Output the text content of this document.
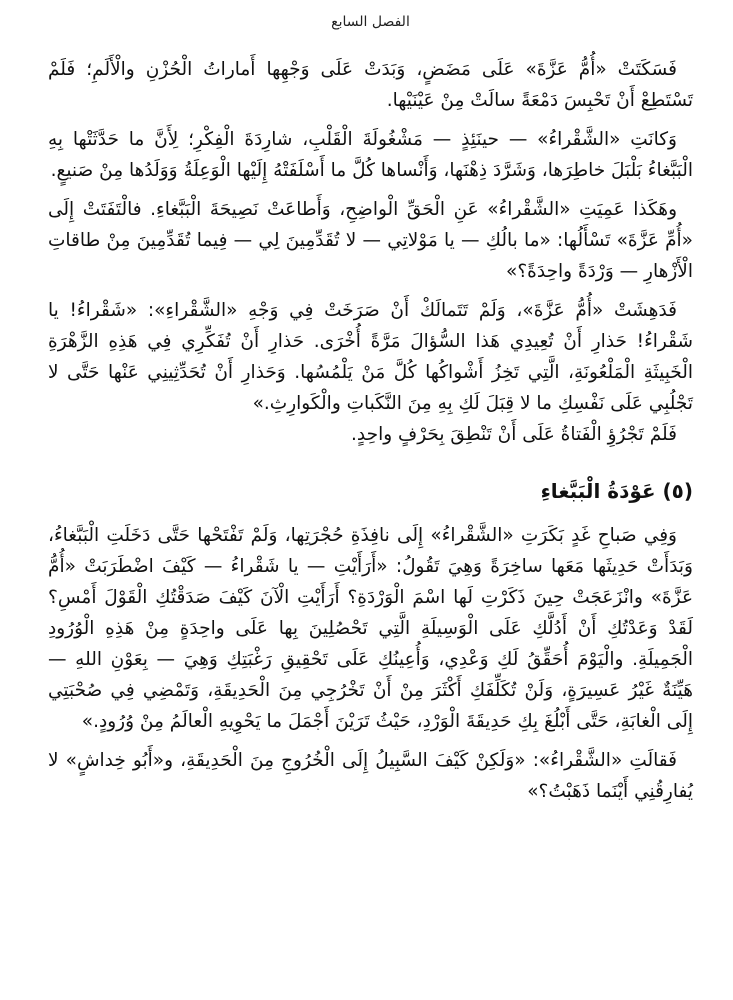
الفصل السابع

فَسَكَتَتْ «أُمُّ عَزَّةَ» عَلَى مَضَضٍ، وَبَدَتْ عَلَى وَجْهِها أَماراتُ الْحُزْنِ والْأَلَمِ؛ فَلَمْ تَسْتَطِعْ أَنْ تَحْبِسَ دَمْعَةً سالَتْ مِنْ عَيْنَيْها.

وَكانَتِ «الشَّقْراءُ» — حينَئِذٍ — مَشْغُولَةَ الْقَلْبِ، شارِدَةَ الْفِكْرِ؛ لِأَنَّ ما حَدَّثَتْها بِهِ الْبَبَّغاءُ بَلْبَلَ خاطِرَها، وَشَرَّدَ ذِهْنَها، وَأَنْساها كُلَّ ما أَسْلَفَتْهُ إِلَيْها الْوَعِلَةُ وَوَلَدُها مِنْ صَنيعٍ.

وهَكَذا عَمِيَتِ «الشَّقْراءُ» عَنِ الْحَقِّ الْواضِحِ، وَأَطاعَتْ نَصِيحَةَ الْبَبَّغاءِ. فالْتَفَتَتْ إِلَى «أُمِّ عَزَّةَ» تَسْأَلُها: «ما بالُكِ — يا مَوْلاتِي — لا تُقَدِّمِينَ لِي — فِيما تُقَدِّمِينَ مِنْ طاقاتِ الْأَزْهارِ — وَرْدَةً واحِدَةً؟»

فَدَهِشَتْ «أُمُّ عَزَّةَ»، وَلَمْ تَتَمالَكْ أَنْ صَرَخَتْ فِي وَجْهِ «الشَّقْراءِ»: «شَقْراءُ! يا شَقْراءُ! حَذارِ أَنْ تُعِيدِي هَذا السُّؤالَ مَرَّةً أُخْرَى. حَذارِ أَنْ تُفَكِّرِي فِي هَذِهِ الزَّهْرَةِ الْخَبِيثَةِ الْمَلْعُونَةِ، الَّتِي تَخِزُ أَشْواكُها كُلَّ مَنْ يَلْمُسُها. وَحَذارِ أَنْ تُحَدِّثِينِي عَنْها حَتَّى لا تَجْلُبِي عَلَى نَفْسِكِ ما لا قِبَلَ لَكِ بِهِ مِنَ النَّكَباتِ والْكَوارِثِ.»

فَلَمْ تَجْرُؤِ الْفَتاةُ عَلَى أَنْ تَنْطِقَ بِحَرْفٍ واحِدٍ.

(٥) عَوْدَةُ الْبَبَّغاءِ

وَفِي صَباحِ غَدٍ بَكَرَتِ «الشَّقْراءُ» إِلَى نافِذَةِ حُجْرَتِها، وَلَمْ تَفْتَحْها حَتَّى دَخَلَتِ الْبَبَّغاءُ، وَبَدَأَتْ حَدِيثَها مَعَها ساخِرَةً وَهِيَ تَقُولُ: «أَرَأَيْتِ — يا شَقْراءُ — كَيْفَ اضْطَرَبَتْ «أُمُّ عَزَّةَ» وانْزَعَجَتْ حِينَ ذَكَرْتِ لَها اسْمَ الْوَرْدَةِ؟ أَرَأَيْتِ الْآنَ كَيْفَ صَدَقْتُكِ الْقَوْلَ أَمْسِ؟ لَقَدْ وَعَدْتُكِ أَنْ أَدُلَّكِ عَلَى الْوَسِيلَةِ الَّتِي تَحْصُلِينَ بِها عَلَى واحِدَةٍ مِنْ هَذِهِ الْوُرُودِ الْجَمِيلَةِ. والْيَوْمَ أُحَقِّقُ لَكِ وَعْدِي، وَأُعِينُكِ عَلَى تَحْقِيقِ رَغْبَتِكِ وَهِيَ — بِعَوْنِ اللهِ — هَيِّنَةٌ غَيْرُ عَسِيرَةٍ، وَلَنْ تُكَلِّفَكِ أَكْثَرَ مِنْ أَنْ تَخْرُجِي مِنَ الْحَدِيقَةِ، وَتَمْضِي فِي صُحْبَتِي إِلَى الْغابَةِ، حَتَّى أَبْلُغَ بِكِ حَدِيقَةَ الْوَرْدِ، حَيْثُ تَرَيْنَ أَجْمَلَ ما يَحْوِيهِ الْعالَمُ مِنْ وُرُودٍ.»

فَقالَتِ «الشَّقْراءُ»: «وَلَكِنْ كَيْفَ السَّبِيلُ إِلَى الْخُرُوجِ مِنَ الْحَدِيقَةِ، و«أَبُو خِداشٍ» لا يُفارِقُنِي أَيْنَما ذَهَبْتُ؟»
